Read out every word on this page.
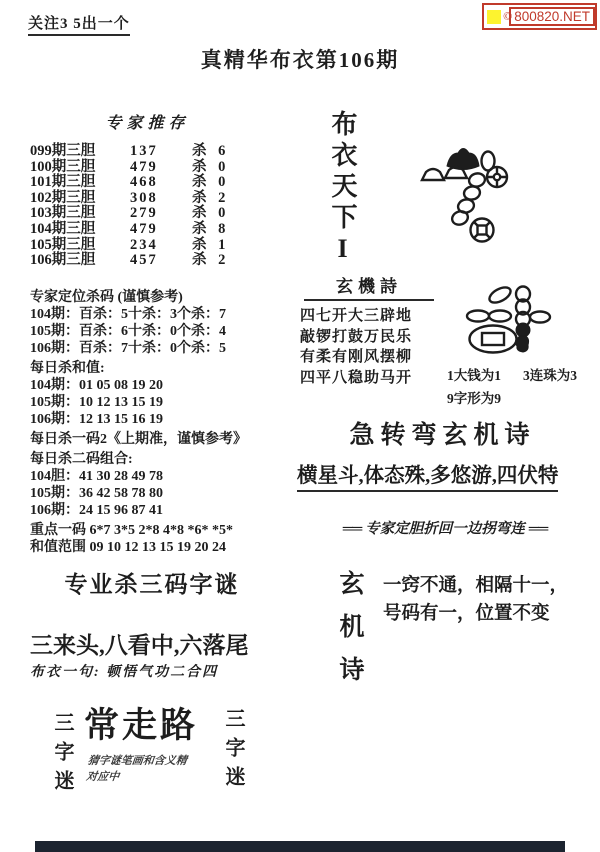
关注3 5出一个	© 800820.NET
真精华布衣第106期
专家推存
099期三胆	137	杀 6
100期三胆	479	杀 0
101期三胆	468	杀 0
102期三胆	308	杀 2
103期三胆	279	杀 0
104期三胆	479	杀 8
105期三胆	234	杀 1
106期三胆	457	杀 2
专家定位杀码 (谨慎参考)
104期：百杀：5十杀：3个杀：7
105期：百杀：6十杀：0个杀：4
106期：百杀：7十杀：0个杀：5
每日杀和值:
104期：01 05 08 19 20
105期：10 12 13 15 19
106期：12 13 15 16 19
每日杀一码2《上期准，谨慎参考》
每日杀二码组合:
104胆：41 30 28 49 78
105期：36 42 58 78 80
106期：24 15 96 87 41
重点一码 6*7 3*5 2*8 4*8 *6* *5*
和值范围 09 10 12 13 15 19 20 24
专业杀三码字谜
三来头,八看中,六落尾
布衣一句: 顿悟气功二合四
三字迷 常走路
猜字谜笔画和含义精
对应中	三字迷
布衣天下I
玄機詩
四七开大三辟地
敲锣打鼓万民乐
有柔有刚风摆柳
四平八稳助马开	1大钱为1 3连珠为3
9字形为9
急转弯玄机诗
横星斗,体态殊,多悠游,四伏特
══ 专家定胆折回一边拐弯连 ══
玄机诗 一窍不通，相隔十一，
号码有一，位置不变
